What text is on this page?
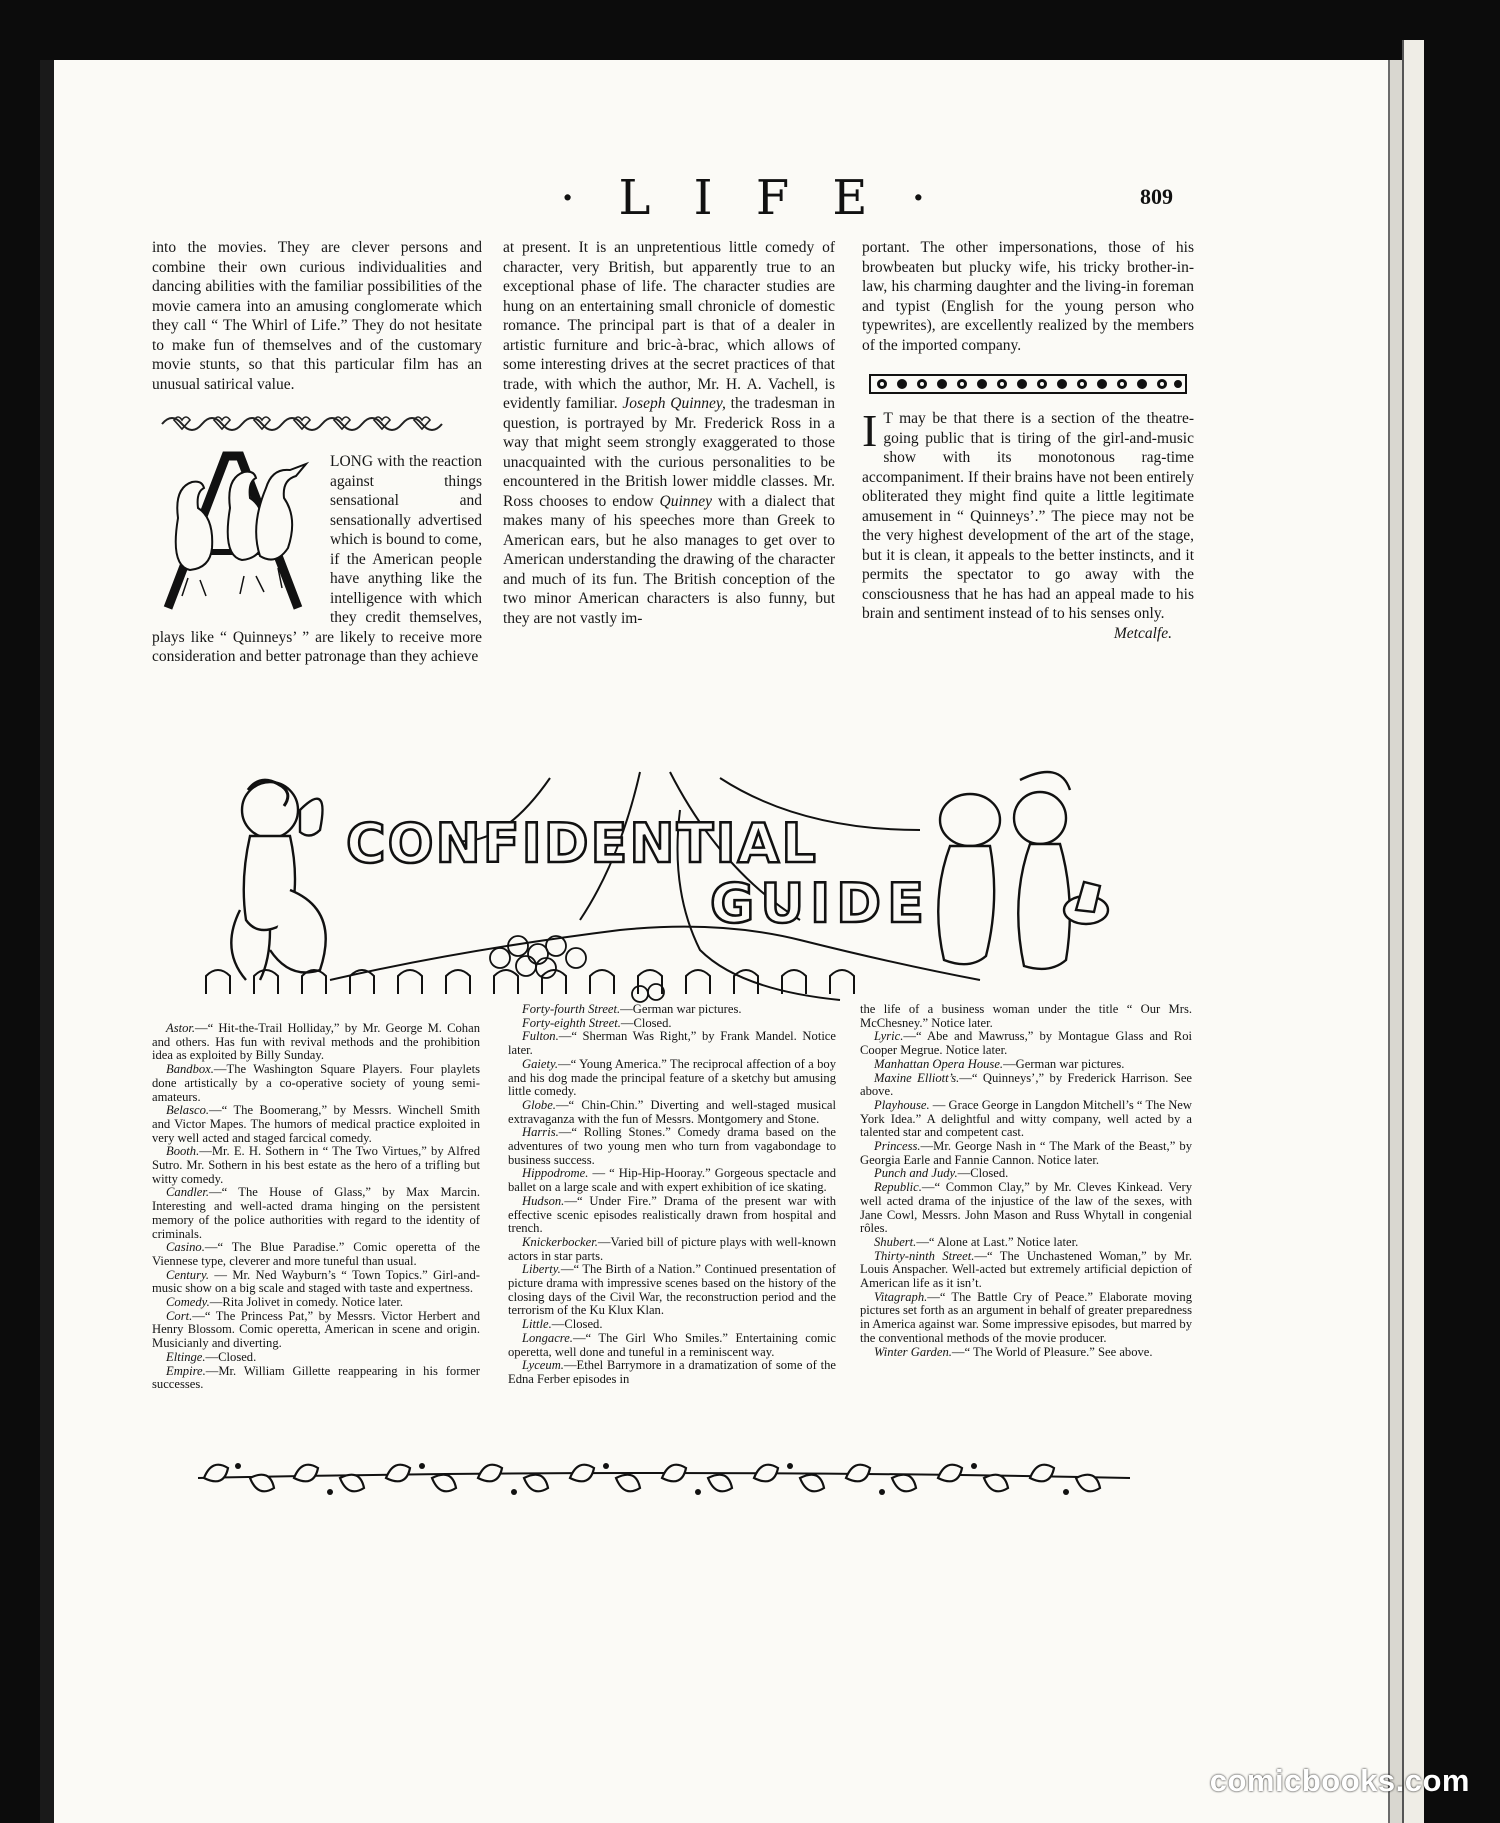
· L I F E ·	809

into the movies. They are clever persons and combine their own curious individualities and dancing abilities with the familiar possibilities of the movie camera into an amusing conglomerate which they call “ The Whirl of Life.” They do not hesitate to make fun of themselves and of the customary movie stunts, so that this particular film has an unusual satirical value.

LONG with the reaction against things sensational and sensationally advertised which is bound to come, if the American people have anything like the intelligence with which they credit themselves, plays like “ Quinneys’ ” are likely to receive more consideration and better patronage than they achieve

at present. It is an unpretentious little comedy of character, very British, but apparently true to an exceptional phase of life. The character studies are hung on an entertaining small chronicle of domestic romance. The principal part is that of a dealer in artistic furniture and bric-à-brac, which allows of some interesting drives at the secret practices of that trade, with which the author, Mr. H. A. Vachell, is evidently familiar. Joseph Quinney, the tradesman in question, is portrayed by Mr. Frederick Ross in a way that might seem strongly exaggerated to those unacquainted with the curious personalities to be encountered in the British lower middle classes. Mr. Ross chooses to endow Quinney with a dialect that makes many of his speeches more than Greek to American ears, but he also manages to get over to American understanding the drawing of the character and much of its fun. The British conception of the two minor American characters is also funny, but they are not vastly im-

portant. The other impersonations, those of his browbeaten but plucky wife, his tricky brother-in-law, his charming daughter and the living-in foreman and typist (English for the young person who typewrites), are excellently realized by the members of the imported company.

I T may be that there is a section of the theatre-going public that is tiring of the girl-and-music show with its monotonous rag-time accompaniment. If their brains have not been entirely obliterated they might find quite a little legitimate amusement in “ Quinneys’.” The piece may not be the very highest development of the art of the stage, but it is clean, it appeals to the better instincts, and it permits the spectator to go away with the consciousness that he has had an appeal made to his brain and sentiment instead of to his senses only.

Metcalfe.

CONFIDENTIAL
GUIDE

Astor.—“ Hit-the-Trail Holliday,” by Mr. George M. Cohan and others. Has fun with revival methods and the prohibition idea as exploited by Billy Sunday.

Bandbox.—The Washington Square Players. Four playlets done artistically by a co-operative society of young semi-amateurs.

Belasco.—“ The Boomerang,” by Messrs. Winchell Smith and Victor Mapes. The humors of medical practice exploited in very well acted and staged farcical comedy.

Booth.—Mr. E. H. Sothern in “ The Two Virtues,” by Alfred Sutro. Mr. Sothern in his best estate as the hero of a trifling but witty comedy.

Candler.—“ The House of Glass,” by Max Marcin. Interesting and well-acted drama hinging on the persistent memory of the police authorities with regard to the identity of criminals.

Casino.—“ The Blue Paradise.” Comic operetta of the Viennese type, cleverer and more tuneful than usual.

Century. — Mr. Ned Wayburn’s “ Town Topics.” Girl-and-music show on a big scale and staged with taste and expertness.

Comedy.—Rita Jolivet in comedy. Notice later.

Cort.—“ The Princess Pat,” by Messrs. Victor Herbert and Henry Blossom. Comic operetta, American in scene and origin. Musicianly and diverting.

Eltinge.—Closed.

Empire.—Mr. William Gillette reappearing in his former successes.

Forty-fourth Street.—German war pictures.

Forty-eighth Street.—Closed.

Fulton.—“ Sherman Was Right,” by Frank Mandel. Notice later.

Gaiety.—“ Young America.” The reciprocal affection of a boy and his dog made the principal feature of a sketchy but amusing little comedy.

Globe.—“ Chin-Chin.” Diverting and well-staged musical extravaganza with the fun of Messrs. Montgomery and Stone.

Harris.—“ Rolling Stones.” Comedy drama based on the adventures of two young men who turn from vagabondage to business success.

Hippodrome. — “ Hip-Hip-Hooray.” Gorgeous spectacle and ballet on a large scale and with expert exhibition of ice skating.

Hudson.—“ Under Fire.” Drama of the present war with effective scenic episodes realistically drawn from hospital and trench.

Knickerbocker.—Varied bill of picture plays with well-known actors in star parts.

Liberty.—“ The Birth of a Nation.” Continued presentation of picture drama with impressive scenes based on the history of the closing days of the Civil War, the reconstruction period and the terrorism of the Ku Klux Klan.

Little.—Closed.

Longacre.—“ The Girl Who Smiles.” Entertaining comic operetta, well done and tuneful in a reminiscent way.

Lyceum.—Ethel Barrymore in a dramatization of some of the Edna Ferber episodes in

the life of a business woman under the title “ Our Mrs. McChesney.” Notice later.

Lyric.—“ Abe and Mawruss,” by Montague Glass and Roi Cooper Megrue. Notice later.

Manhattan Opera House.—German war pictures.

Maxine Elliott’s.—“ Quinneys’,” by Frederick Harrison. See above.

Playhouse. — Grace George in Langdon Mitchell’s “ The New York Idea.” A delightful and witty company, well acted by a talented star and competent cast.

Princess.—Mr. George Nash in “ The Mark of the Beast,” by Georgia Earle and Fannie Cannon. Notice later.

Punch and Judy.—Closed.

Republic.—“ Common Clay,” by Mr. Cleves Kinkead. Very well acted drama of the injustice of the law of the sexes, with Jane Cowl, Messrs. John Mason and Russ Whytall in congenial rôles.

Shubert.—“ Alone at Last.” Notice later.

Thirty-ninth Street.—“ The Unchastened Woman,” by Mr. Louis Anspacher. Well-acted but extremely artificial depiction of American life as it isn’t.

Vitagraph.—“ The Battle Cry of Peace.” Elaborate moving pictures set forth as an argument in behalf of greater preparedness in America against war. Some impressive episodes, but marred by the conventional methods of the movie producer.

Winter Garden.—“ The World of Pleasure.” See above.

comicbooks.com
